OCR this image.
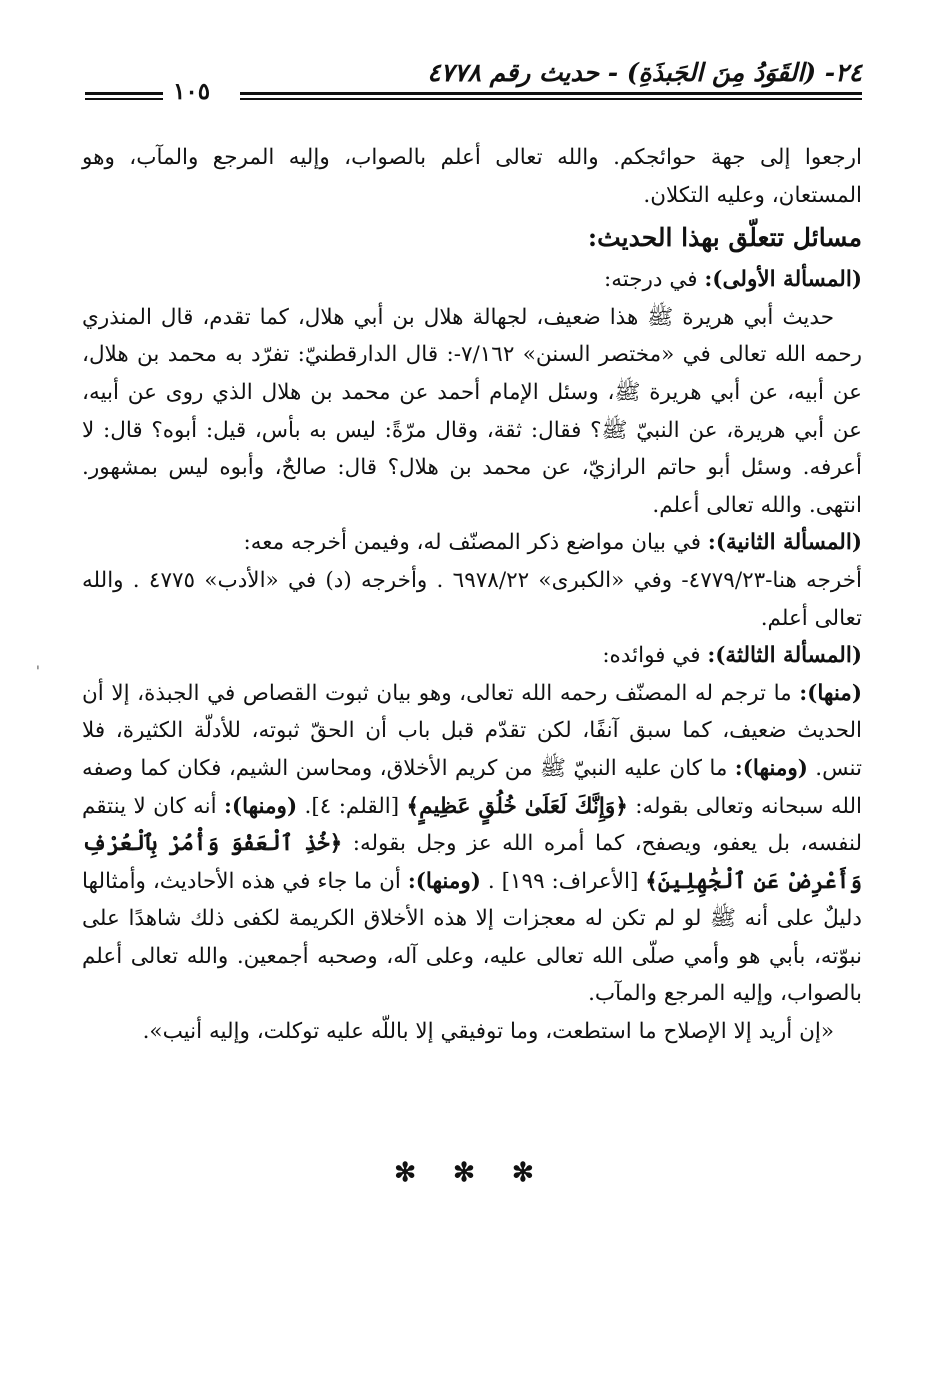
٢٤- (القَوَدُ مِنَ الجَبذَةِ) - حديث رقم ٤٧٧٨
١٠٥

ارجعوا إلى جهة حوائجكم. والله تعالى أعلم بالصواب، وإليه المرجع والمآب، وهو المستعان، وعليه التكلان.

مسائل تتعلّق بهذا الحديث:

(المسألة الأولى): في درجته:

حديث أبي هريرة ﷺ هذا ضعيف، لجهالة هلال بن أبي هلال، كما تقدم، قال المنذري رحمه الله تعالى في «مختصر السنن» ٧/١٦٢-: قال الدارقطنيّ: تفرّد به محمد بن هلال، عن أبيه، عن أبي هريرة ﷺ، وسئل الإمام أحمد عن محمد بن هلال الذي روى عن أبيه، عن أبي هريرة، عن النبيّ ﷺ؟ فقال: ثقة، وقال مرّةً: ليس به بأس، قيل: أبوه؟ قال: لا أعرفه. وسئل أبو حاتم الرازيّ، عن محمد بن هلال؟ قال: صالحٌ، وأبوه ليس بمشهور. انتهى. والله تعالى أعلم.

(المسألة الثانية): في بيان مواضع ذكر المصنّف له، وفيمن أخرجه معه:

أخرجه هنا-٤٧٧٩/٢٣- وفي «الكبرى» ٦٩٧٨/٢٢ . وأخرجه (د) في «الأدب» ٤٧٧٥ . والله تعالى أعلم.

(المسألة الثالثة): في فوائده:

(منها): ما ترجم له المصنّف رحمه الله تعالى، وهو بيان ثبوت القصاص في الجبذة، إلا أن الحديث ضعيف، كما سبق آنفًا، لكن تقدّم قبل باب أن الحقّ ثبوته، للأدلّة الكثيرة، فلا تنس. (ومنها): ما كان عليه النبيّ ﷺ من كريم الأخلاق، ومحاسن الشيم، فكان كما وصفه الله سبحانه وتعالى بقوله: ﴿وَإِنَّكَ لَعَلَىٰ خُلُقٍ عَظِيمٍ﴾ [القلم: ٤]. (ومنها): أنه كان لا ينتقم لنفسه، بل يعفو، ويصفح، كما أمره الله عز وجل بقوله: ﴿خُذِ ٱلْعَفْوَ وَأْمُرْ بِٱلْعُرْفِ وَأَعْرِضْ عَنِ ٱلْجَٰهِلِينَ﴾ [الأعراف: ١٩٩] . (ومنها): أن ما جاء في هذه الأحاديث، وأمثالها دليلٌ على أنه ﷺ لو لم تكن له معجزات إلا هذه الأخلاق الكريمة لكفى ذلك شاهدًا على نبوّته، بأبي هو وأمي صلّى الله تعالى عليه، وعلى آله، وصحبه أجمعين. والله تعالى أعلم بالصواب، وإليه المرجع والمآب.

«إن أريد إلا الإصلاح ما استطعت، وما توفيقي إلا باللّه عليه توكلت، وإليه أنيب».

✻ ✻ ✻
'
